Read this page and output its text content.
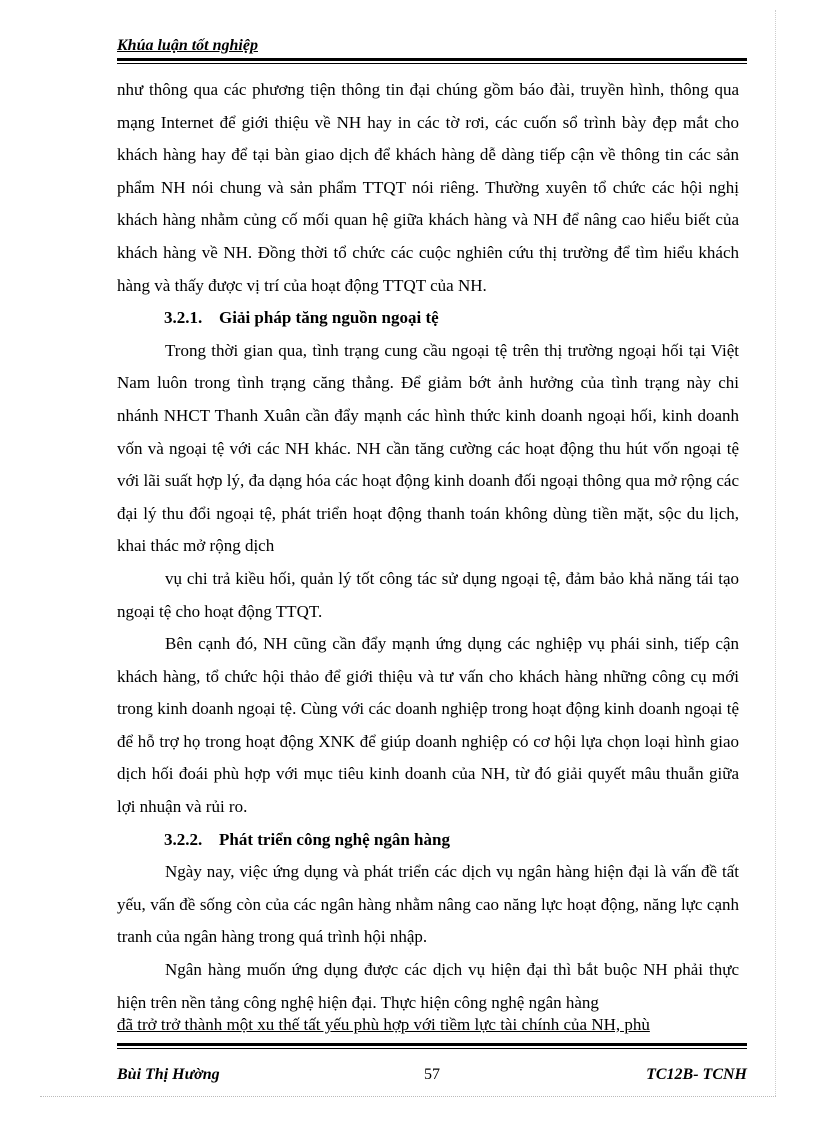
Khúa luận tốt nghiệp

như thông qua các phương tiện thông tin đại chúng gồm báo đài, truyền hình, thông qua mạng Internet để giới thiệu về NH hay in các tờ rơi, các cuốn sổ trình bày đẹp mắt cho khách hàng hay để tại bàn giao dịch để khách hàng dễ dàng tiếp cận về thông tin các sản phẩm NH nói chung và sản phẩm TTQT nói riêng. Thường xuyên tổ chức các hội nghị khách hàng nhằm củng cố mối quan hệ giữa khách hàng và NH để nâng cao hiểu biết của khách hàng về NH. Đồng thời tổ chức các cuộc nghiên cứu thị trường để tìm hiểu khách hàng và thấy được vị trí của hoạt động TTQT của NH.

3.2.1. Giải pháp tăng nguồn ngoại tệ

Trong thời gian qua, tình trạng cung cầu ngoại tệ trên thị trường ngoại hối tại Việt Nam luôn trong tình trạng căng thẳng. Để giảm bớt ảnh hưởng của tình trạng này chi nhánh NHCT Thanh Xuân cần đẩy mạnh các hình thức kinh doanh ngoại hối, kinh doanh vốn và ngoại tệ với các NH khác. NH cần tăng cường các hoạt động thu hút vốn ngoại tệ với lãi suất hợp lý, đa dạng hóa các hoạt động kinh doanh đối ngoại thông qua mở rộng các đại lý thu đổi ngoại tệ, phát triển hoạt động thanh toán không dùng tiền mặt, sộc du lịch, khai thác mở rộng dịch

vụ chi trả kiều hối, quản lý tốt công tác sử dụng ngoại tệ, đảm bảo khả năng tái tạo ngoại tệ cho hoạt động TTQT.

Bên cạnh đó, NH cũng cần đẩy mạnh ứng dụng các nghiệp vụ phái sinh, tiếp cận khách hàng, tổ chức hội thảo để giới thiệu và tư vấn cho khách hàng những công cụ mới trong kinh doanh ngoại tệ. Cùng với các doanh nghiệp trong hoạt động kinh doanh ngoại tệ để hỗ trợ họ trong hoạt động XNK để giúp doanh nghiệp có cơ hội lựa chọn loại hình giao dịch hối đoái phù hợp với mục tiêu kinh doanh của NH, từ đó giải quyết mâu thuẫn giữa lợi nhuận và rủi ro.

3.2.2. Phát triển công nghệ ngân hàng

Ngày nay, việc ứng dụng và phát triển các dịch vụ ngân hàng hiện đại là vấn đề tất yếu, vấn đề sống còn của các ngân hàng nhằm nâng cao năng lực hoạt động, năng lực cạnh tranh của ngân hàng trong quá trình hội nhập.

Ngân hàng muốn ứng dụng được các dịch vụ hiện đại thì bắt buộc NH phải thực hiện trên nền tảng công nghệ hiện đại. Thực hiện công nghệ ngân hàng

đã trở trở thành một xu thế tất yếu phù hợp với tiềm lực tài chính của NH, phù
57
Bùi Thị Hường	TC12B- TCNH
